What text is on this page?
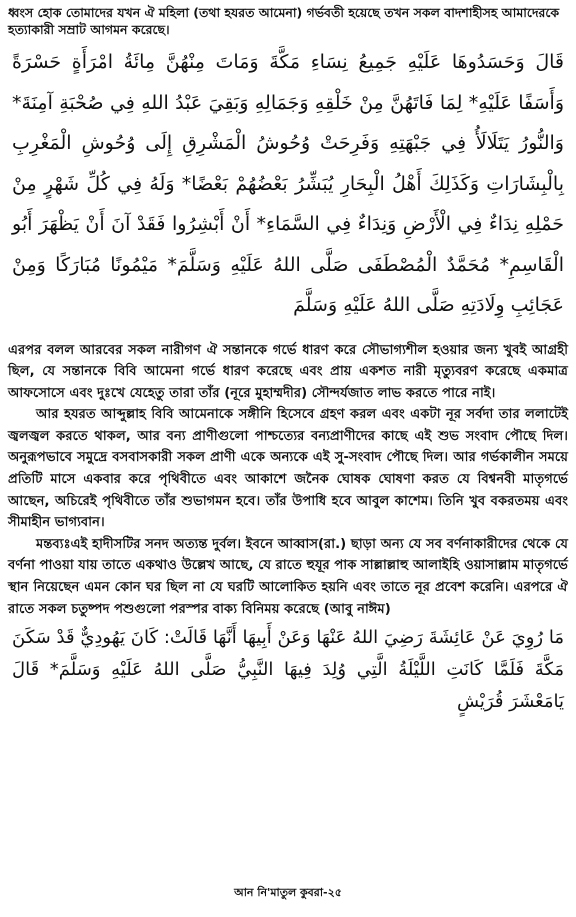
ধ্বংস হোক তোমাদের যখন ঐ মহিলা (তথা হযরত আমেনা) গর্ভবতী হয়েছে তখন সকল বাদশাহীসহ আমাদেরকে হত্যাকারী সম্রাট আগমন করেছে।

قَالَ وَحَسَدُوهَا عَلَيْهِ جَمِيعُ نِسَاءِ مَكَّةَ وَمَاتَ مِنْهُنَّ مِائَةُ امْرَأَةٍ حَسْرَةً وَأَسَفًا عَلَيْهِ* لِمَا فَاتَهُنَّ مِنْ خَلْقِهِ وَجَمَالِهِ وَبَقِيَ عَبْدُ اللهِ فِي صُحْبَةِ آمِنَةَ* وَالنُّورُ يَتَلَالَأُ فِي جَبْهَتِهِ وَفَرِحَتْ وُحُوشُ الْمَشْرِقِ إِلَى وُحُوشِ الْمَغْرِبِ بِالْبِشَارَاتِ وَكَذَلِكَ أَهْلُ الْبِحَارِ يُبَشِّرُ بَعْضُهُمْ بَعْضًا* وَلَهُ فِي كُلِّ شَهْرٍ مِنْ حَمْلِهِ نِدَاءٌ فِي الْأَرْضِ وَنِدَاءٌ فِي السَّمَاءِ* أَنْ أَبْشِرُوا فَقَدْ آنَ أَنْ يَظْهَرَ أَبُو الْقَاسِمِ* مُحَمَّدٌ الْمُصْطَفَى صَلَّى اللهُ عَلَيْهِ وَسَلَّمَ* مَيْمُونًا مُبَارَكًا وَمِنْ عَجَائِبِ وِلَادَتِهِ صَلَّى اللهُ عَلَيْهِ وَسَلَّمَ

এরপর বলল আরবের সকল নারীগণ ঐ সন্তানকে গর্ভে ধারণ করে সৌভাগ্যশীল হওয়ার জন্য খুবই আগ্রহী ছিল, যে সন্তানকে বিবি আমেনা গর্ভে ধারণ করেছে এবং প্রায় একশত নারী মৃত্যুবরণ করেছে একমাত্র আফসোসে এবং দুঃখে যেহেতু তারা তাঁর (নূরে মুহাম্মদীর) সৌন্দর্যজাত লাভ করতে পারে নাই।

আর হযরত আব্দুল্লাহ বিবি আমেনাকে সঙ্গীনি হিসেবে গ্রহণ করল এবং একটা নূর সর্বদা তার ললাটেই জ্বলজ্বল করতে থাকল, আর বন্য প্রাণীগুলো পাশ্চত্যের বন্যপ্রাণীদের কাছে এই শুভ সংবাদ পৌছে দিল। অনুরূপভাবে সমুদ্রে বসবাসকারী সকল প্রাণী একে অন্যকে এই সু-সংবাদ পৌছে দিল। আর গর্ভকালীন সময়ে প্রতিটি মাসে একবার করে পৃথিবীতে এবং আকাশে জনৈক ঘোষক ঘোষণা করত যে বিশ্বনবী মাতৃগর্ভে আছেন, অচিরেই পৃথিবীতে তাঁর শুভাগমন হবে। তাঁর উপাধি হবে আবুল কাশেম। তিনি খুব বকরতময় এবং সীমাহীন ভাগ্যবান।

মন্তব্যঃএই হাদীসটির সনদ অত্যন্ত দুর্বল। ইবনে আব্বাস(রা.) ছাড়া অন্য যে সব বর্ণনাকারীদের থেকে যে বর্ণনা পাওয়া যায় তাতে একথাও উল্লেখ আছে, যে রাতে হুযূর পাক সাল্লাল্লাহু আলাইহি ওয়াসাল্লাম মাতৃগর্ভে স্থান নিয়েছেন এমন কোন ঘর ছিল না যে ঘরটি আলোকিত হয়নি এবং তাতে নূর প্রবেশ করেনি। এরপরে ঐ রাতে সকল চতুষ্পদ পশুগুলো পরস্পর বাক্য বিনিময় করেছে (আবু নাঈম)

مَا رُوِيَ عَنْ عَائِشَةَ رَضِيَ اللهُ عَنْهَا وَعَنْ أَبِيهَا أَنَّهَا قَالَتْ: كَانَ يَهُودِيٌّ قَدْ سَكَنَ مَكَّةَ فَلَمَّا كَانَتِ اللَّيْلَةُ الَّتِي وُلِدَ فِيهَا النَّبِيُّ صَلَّى اللهُ عَلَيْهِ وَسَلَّمَ* قَالَ يَامَعْشَرَ قُرَيْشٍ

আন নি'মাতুল কুবরা-২৫
